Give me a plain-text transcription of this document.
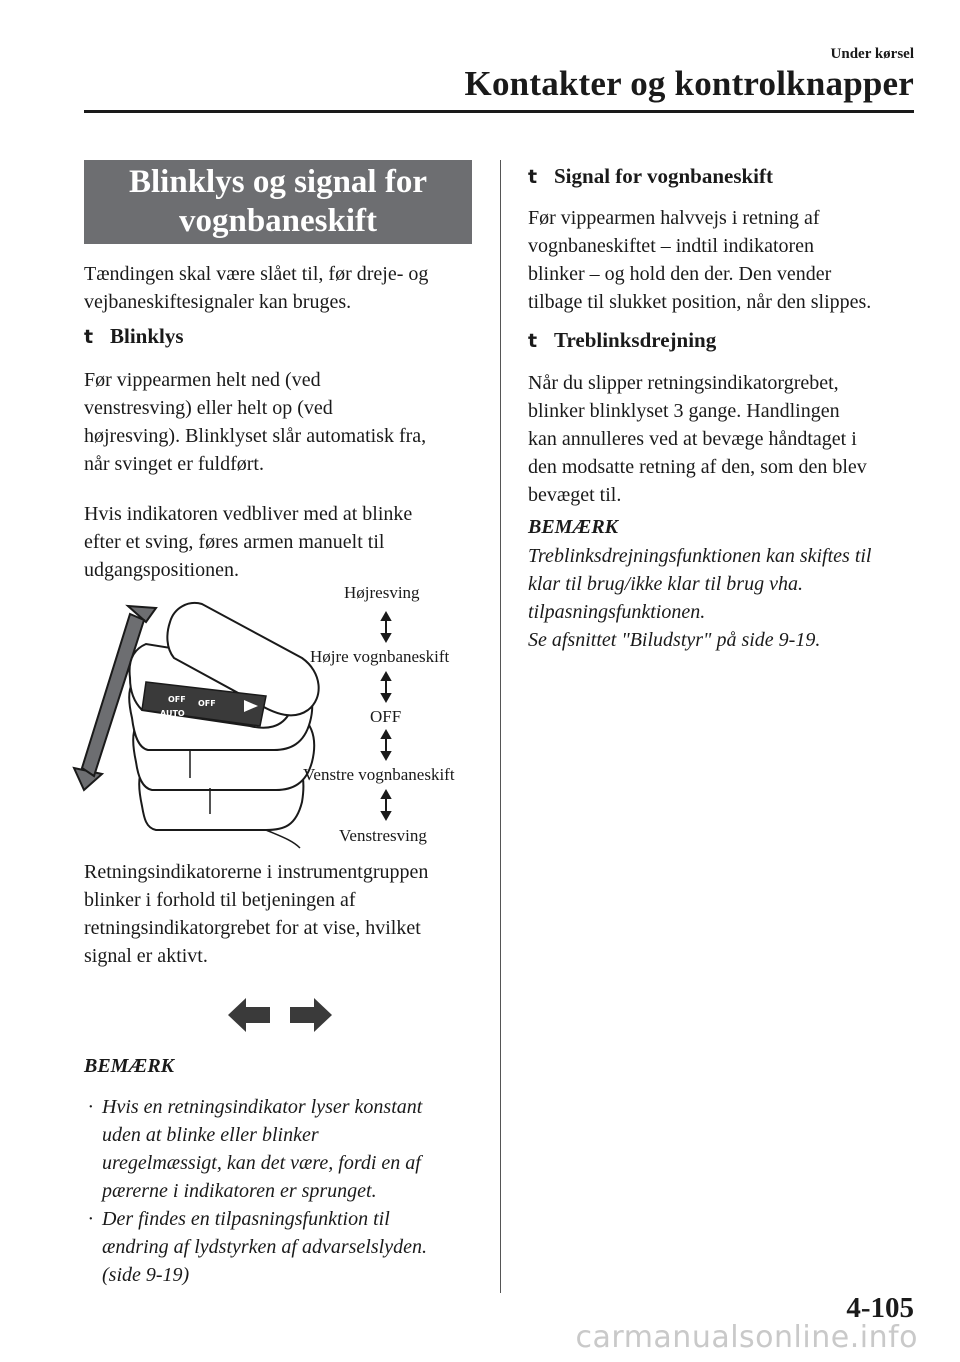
Under kørsel
Kontakter og kontrolknapper
Blinklys og signal for
vognbaneskift
Tændingen skal være slået til, før dreje- og
vejbaneskiftesignaler kan bruges.
t Blinklys
Før vippearmen helt ned (ved
venstresving) eller helt op (ved
højresving). Blinklyset slår automatisk fra,
når svinget er fuldført.
Hvis indikatoren vedbliver med at blinke
efter et sving, føres armen manuelt til
udgangspositionen.
OFF OFF
AUTO
Højresving
Højre vognbaneskift
OFF
Venstre vognbaneskift
Venstresving
Retningsindikatorerne i instrumentgruppen
blinker i forhold til betjeningen af
retningsindikatorgrebet for at vise, hvilket
signal er aktivt.
BEMÆRK
· Hvis en retningsindikator lyser konstant
uden at blinke eller blinker
uregelmæssigt, kan det være, fordi en af
pærerne i indikatoren er sprunget.
· Der findes en tilpasningsfunktion til
ændring af lydstyrken af advarselslyden.
(side 9-19)
t Signal for vognbaneskift
Før vippearmen halvvejs i retning af
vognbaneskiftet – indtil indikatoren
blinker – og hold den der. Den vender
tilbage til slukket position, når den slippes.
t Treblinksdrejning
Når du slipper retningsindikatorgrebet,
blinker blinklyset 3 gange. Handlingen
kan annulleres ved at bevæge håndtaget i
den modsatte retning af den, som den blev
bevæget til.
BEMÆRK
Treblinksdrejningsfunktionen kan skiftes til
klar til brug/ikke klar til brug vha.
tilpasningsfunktionen.
Se afsnittet "Biludstyr" på side 9-19.
4-105
carmanualsonline.info
